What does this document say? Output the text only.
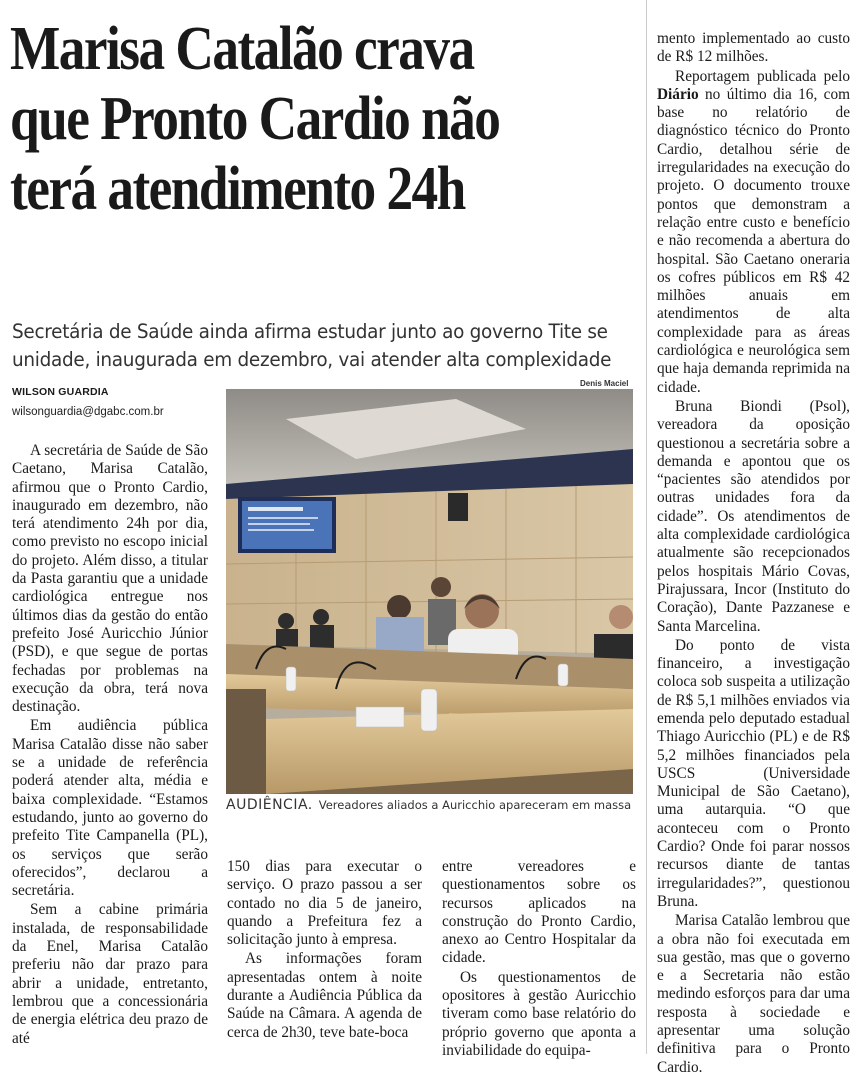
Marisa Catalão crava
que Pronto Cardio não
terá atendimento 24h
Secretária de Saúde ainda afirma estudar junto ao governo Tite se unidade, inaugurada em dezembro, vai atender alta complexidade
WILSON GUARDIA
wilsonguardia@dgabc.com.br
Denis Maciel
AUDIÊNCIA. Vereadores aliados a Auricchio apareceram em massa

A secretária de Saúde de São Caetano, Marisa Catalão, afirmou que o Pronto Cardio, inaugurado em dezembro, não terá atendimento 24h por dia, como previsto no escopo inicial do projeto. Além disso, a titular da Pasta garantiu que a unidade cardiológica entregue nos últimos dias da gestão do então prefeito José Auricchio Júnior (PSD), e que segue de portas fechadas por problemas na execução da obra, terá nova destinação.

Em audiência pública Marisa Catalão disse não saber se a unidade de referência poderá atender alta, média e baixa complexidade. “Estamos estudando, junto ao governo do prefeito Tite Campanella (PL), os serviços que serão oferecidos”, declarou a secretária.

Sem a cabine primária instalada, de responsabilidade da Enel, Marisa Catalão preferiu não dar prazo para abrir a unidade, entretanto, lembrou que a concessionária de energia elétrica deu prazo de até

150 dias para executar o serviço. O prazo passou a ser contado no dia 5 de janeiro, quando a Prefeitura fez a solicitação junto à empresa.

As informações foram apresentadas ontem à noite durante a Audiência Pública da Saúde na Câmara. A agenda de cerca de 2h30, teve bate-boca

entre vereadores e questionamentos sobre os recursos aplicados na construção do Pronto Cardio, anexo ao Centro Hospitalar da cidade.

Os questionamentos de opositores à gestão Auricchio tiveram como base relatório do próprio governo que aponta a inviabilidade do equipa-

mento implementado ao custo de R$ 12 milhões.

Reportagem publicada pelo Diário no último dia 16, com base no relatório de diagnóstico técnico do Pronto Cardio, detalhou série de irregularidades na execução do projeto. O documento trouxe pontos que demonstram a relação entre custo e benefício e não recomenda a abertura do hospital. São Caetano oneraria os cofres públicos em R$ 42 milhões anuais em atendimentos de alta complexidade para as áreas cardiológica e neurológica sem que haja demanda reprimida na cidade.

Bruna Biondi (Psol), vereadora da oposição questionou a secretária sobre a demanda e apontou que os “pacientes são atendidos por outras unidades fora da cidade”. Os atendimentos de alta complexidade cardiológica atualmente são recepcionados pelos hospitais Mário Covas, Pirajussara, Incor (Instituto do Coração), Dante Pazzanese e Santa Marcelina.

Do ponto de vista financeiro, a investigação coloca sob suspeita a utilização de R$ 5,1 milhões enviados via emenda pelo deputado estadual Thiago Auricchio (PL) e de R$ 5,2 milhões financiados pela USCS (Universidade Municipal de São Caetano), uma autarquia. “O que aconteceu com o Pronto Cardio? Onde foi parar nossos recursos diante de tantas irregularidades?”, questionou Bruna.

Marisa Catalão lembrou que a obra não foi executada em sua gestão, mas que o governo e a Secretaria não estão medindo esforços para dar uma resposta à sociedade e apresentar uma solução definitiva para o Pronto Cardio.
